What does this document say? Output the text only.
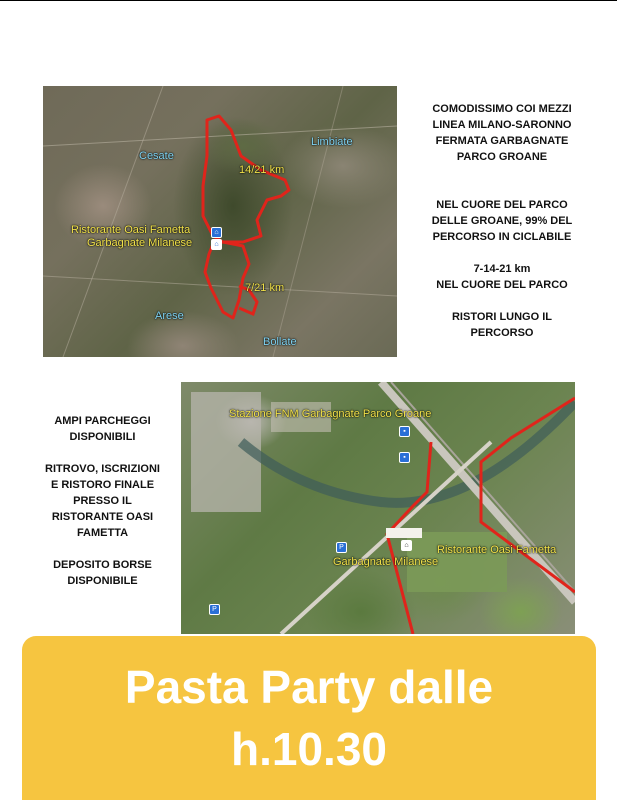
Cesate
Limbiate
14/21 km
Ristorante Oasi Fametta
Garbagnate Milanese
⌂
⌂
7/21 km
Arese
Bollate

COMODISSIMO COI MEZZI

LINEA MILANO-SARONNO

FERMATA GARBAGNATE

PARCO GROANE

NEL CUORE DEL PARCO

DELLE GROANE, 99% DEL

PERCORSO IN CICLABILE

7-14-21 km

NEL CUORE DEL PARCO

RISTORI LUNGO IL

PERCORSO

Stazione FNM Garbagnate Parco Groane
▪
▪
P
P
⌂	Ristorante Oasi Fametta
Garbagnate Milanese

AMPI PARCHEGGI

DISPONIBILI

RITROVO, ISCRIZIONI

E RISTORO FINALE

PRESSO IL

RISTORANTE OASI

FAMETTA

DEPOSITO BORSE

DISPONIBILE

Pasta Party dalle
h.10.30
